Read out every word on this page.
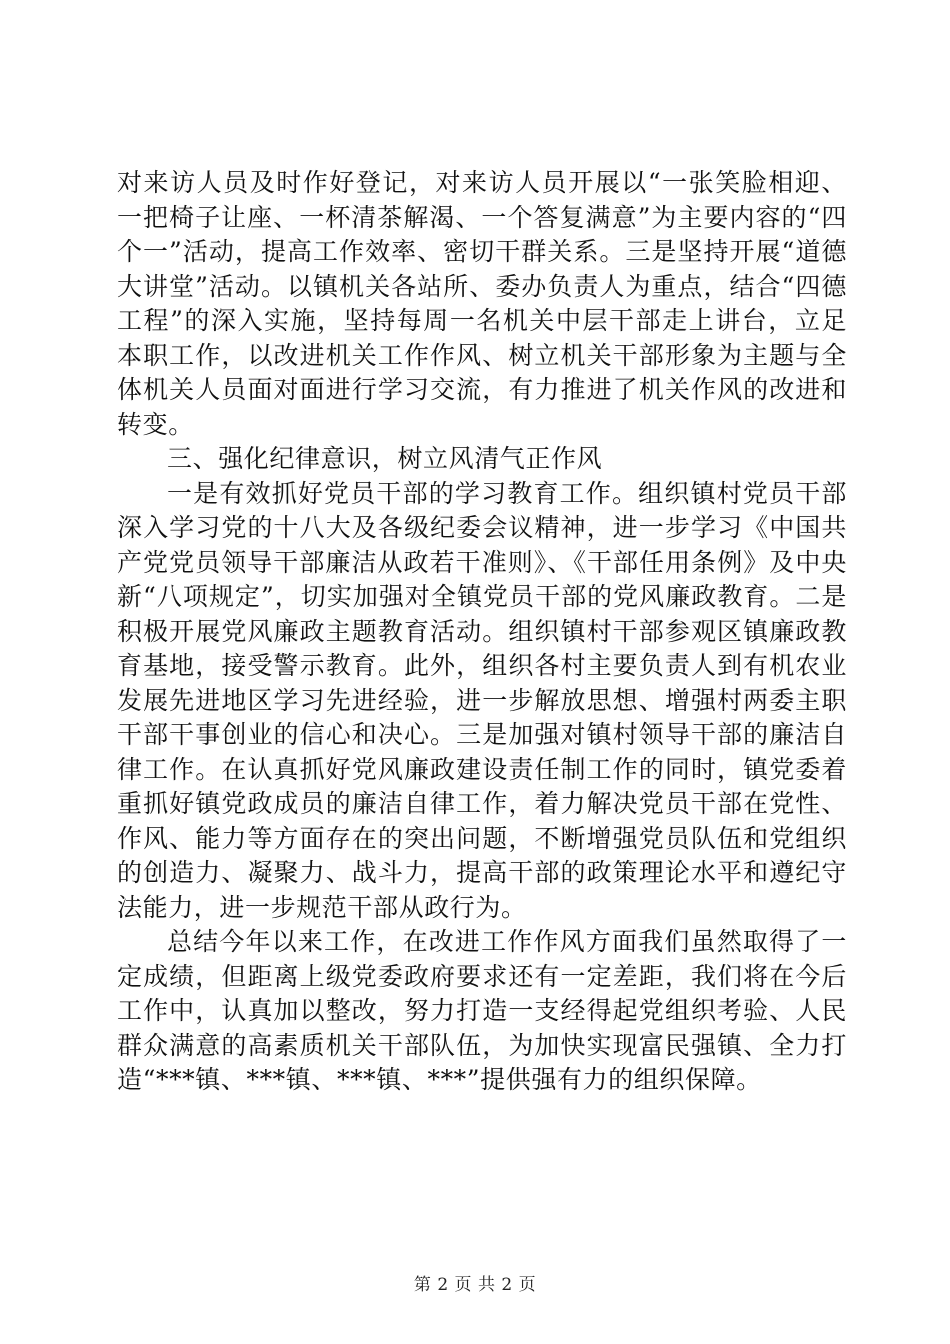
对来访人员及时作好登记，对来访人员开展以“一张笑脸相迎、一把椅子让座、一杯清茶解渴、一个答复满意”为主要内容的“四个一”活动，提高工作效率、密切干群关系。三是坚持开展“道德大讲堂”活动。以镇机关各站所、委办负责人为重点，结合“四德工程”的深入实施，坚持每周一名机关中层干部走上讲台，立足本职工作，以改进机关工作作风、树立机关干部形象为主题与全体机关人员面对面进行学习交流，有力推进了机关作风的改进和转变。

三、强化纪律意识，树立风清气正作风

一是有效抓好党员干部的学习教育工作。组织镇村党员干部深入学习党的十八大及各级纪委会议精神，进一步学习《中国共产党党员领导干部廉洁从政若干准则》、《干部任用条例》及中央新“八项规定”，切实加强对全镇党员干部的党风廉政教育。二是积极开展党风廉政主题教育活动。组织镇村干部参观区镇廉政教育基地，接受警示教育。此外，组织各村主要负责人到有机农业发展先进地区学习先进经验，进一步解放思想、增强村两委主职干部干事创业的信心和决心。三是加强对镇村领导干部的廉洁自律工作。在认真抓好党风廉政建设责任制工作的同时，镇党委着重抓好镇党政成员的廉洁自律工作，着力解决党员干部在党性、作风、能力等方面存在的突出问题，不断增强党员队伍和党组织的创造力、凝聚力、战斗力，提高干部的政策理论水平和遵纪守法能力，进一步规范干部从政行为。

总结今年以来工作，在改进工作作风方面我们虽然取得了一定成绩，但距离上级党委政府要求还有一定差距，我们将在今后工作中，认真加以整改，努力打造一支经得起党组织考验、人民群众满意的高素质机关干部队伍，为加快实现富民强镇、全力打造“***镇、***镇、***镇、***”提供强有力的组织保障。

第 2 页 共 2 页
